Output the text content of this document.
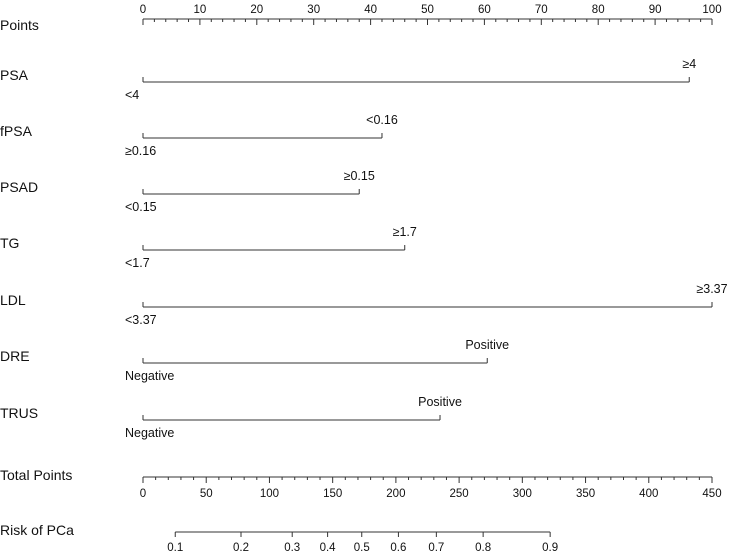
Points
0	10	20	30	40	50	60	70	80	90	100
PSA
<4
≥4
fPSA
≥0.16
<0.16
PSAD
<0.15
≥0.15
TG
<1.7
≥1.7
LDL
<3.37
≥3.37
DRE
Negative
Positive
TRUS
Negative
Positive
Total Points
0	50	100	150	200	250	300	350	400	450
Risk of PCa
0.1	0.2	0.3 0.4 0.5 0.6 0.7	0.8	0.9
